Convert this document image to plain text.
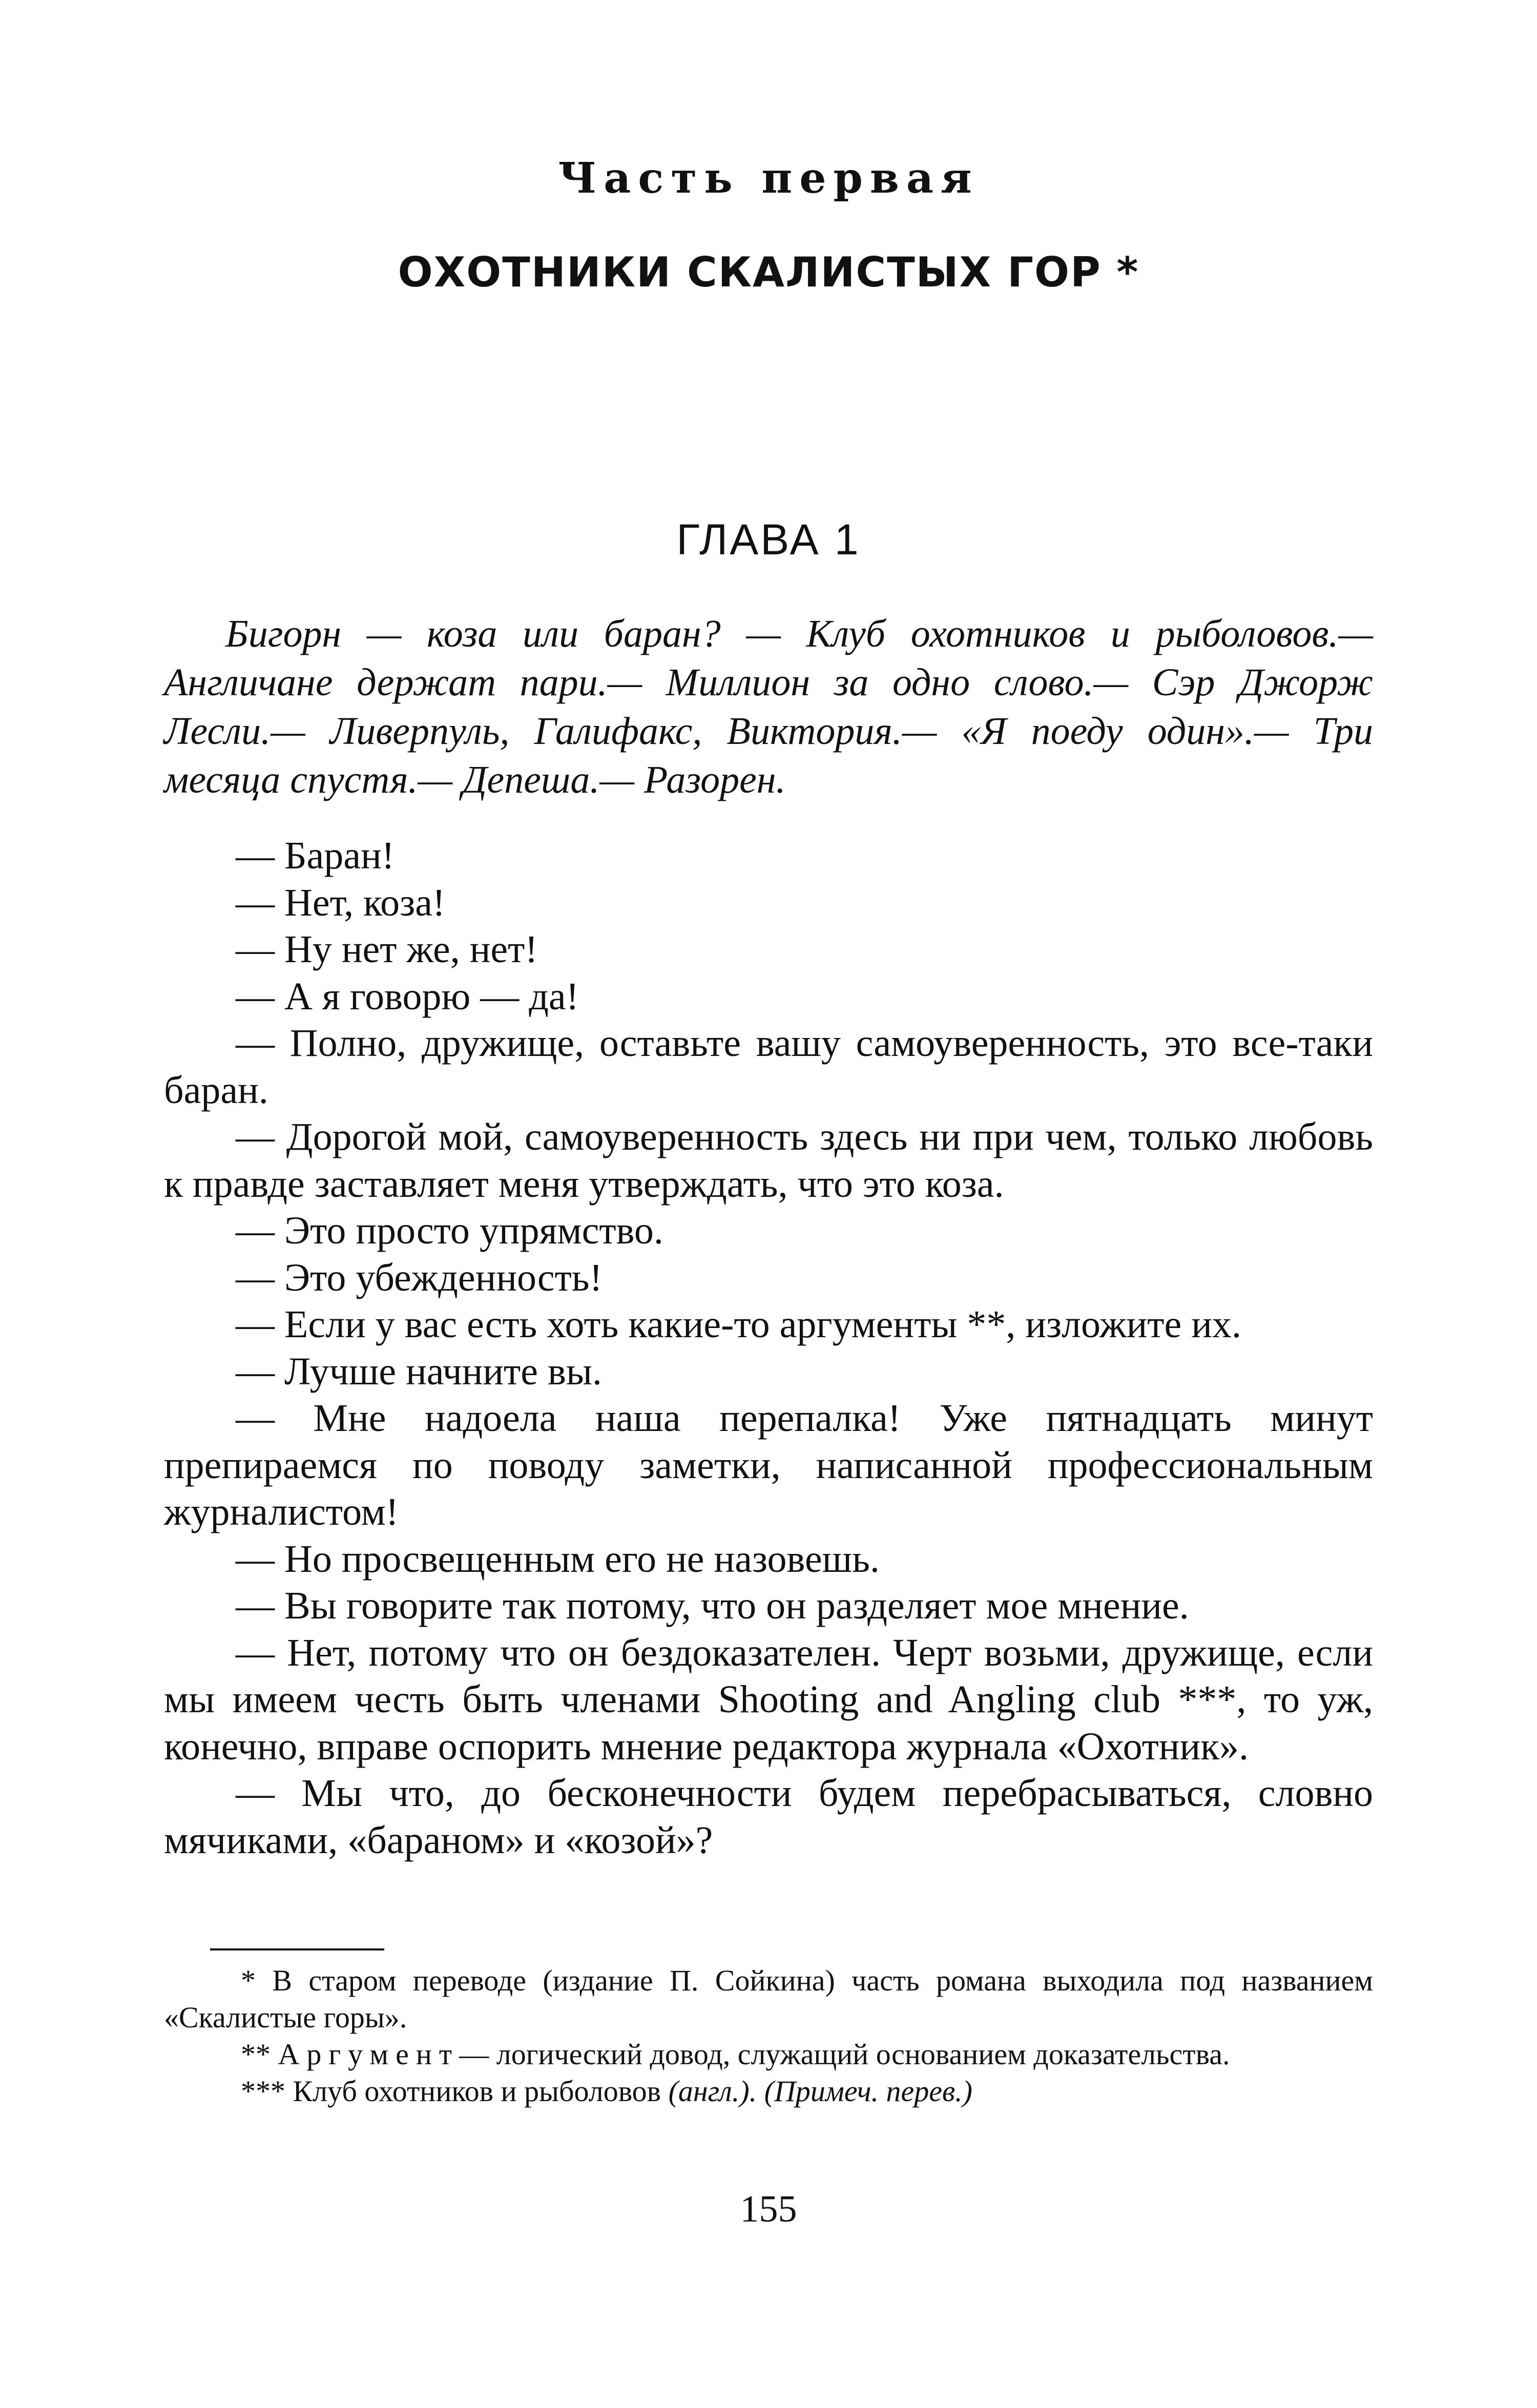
Часть первая
ОХОТНИКИ СКАЛИСТЫХ ГОР *
ГЛАВА 1
Бигорн — коза или баран? — Клуб охотников и рыболовов.— Англичане держат пари.— Миллион за одно слово.— Сэр Джорж Лесли.— Ливерпуль, Галифакс, Виктория.— «Я поеду один».— Три месяца спустя.— Депеша.— Разорен.

— Баран!

— Нет, коза!

— Ну нет же, нет!

— А я говорю — да!

— Полно, дружище, оставьте вашу самоуверенность, это все-таки баран.

— Дорогой мой, самоуверенность здесь ни при чем, только любовь к правде заставляет меня утверждать, что это коза.

— Это просто упрямство.

— Это убежденность!

— Если у вас есть хоть какие-то аргументы **, изложите их.

— Лучше начните вы.

— Мне надоела наша перепалка! Уже пятнадцать минут препираемся по поводу заметки, написанной профессиональным журналистом!

— Но просвещенным его не назовешь.

— Вы говорите так потому, что он разделяет мое мнение.

— Нет, потому что он бездоказателен. Черт возьми, дружище, если мы имеем честь быть членами Shooting and Angling club ***, то уж, конечно, вправе оспорить мнение редактора журнала «Охотник».

— Мы что, до бесконечности будем перебрасываться, словно мячиками, «бараном» и «козой»?

* В старом переводе (издание П. Сойкина) часть романа выходила под названием «Скалистые горы».

** Аргумент— логический довод, служащий основанием доказательства.

*** Клуб охотников и рыболовов (англ.). (Примеч. перев.)

155
